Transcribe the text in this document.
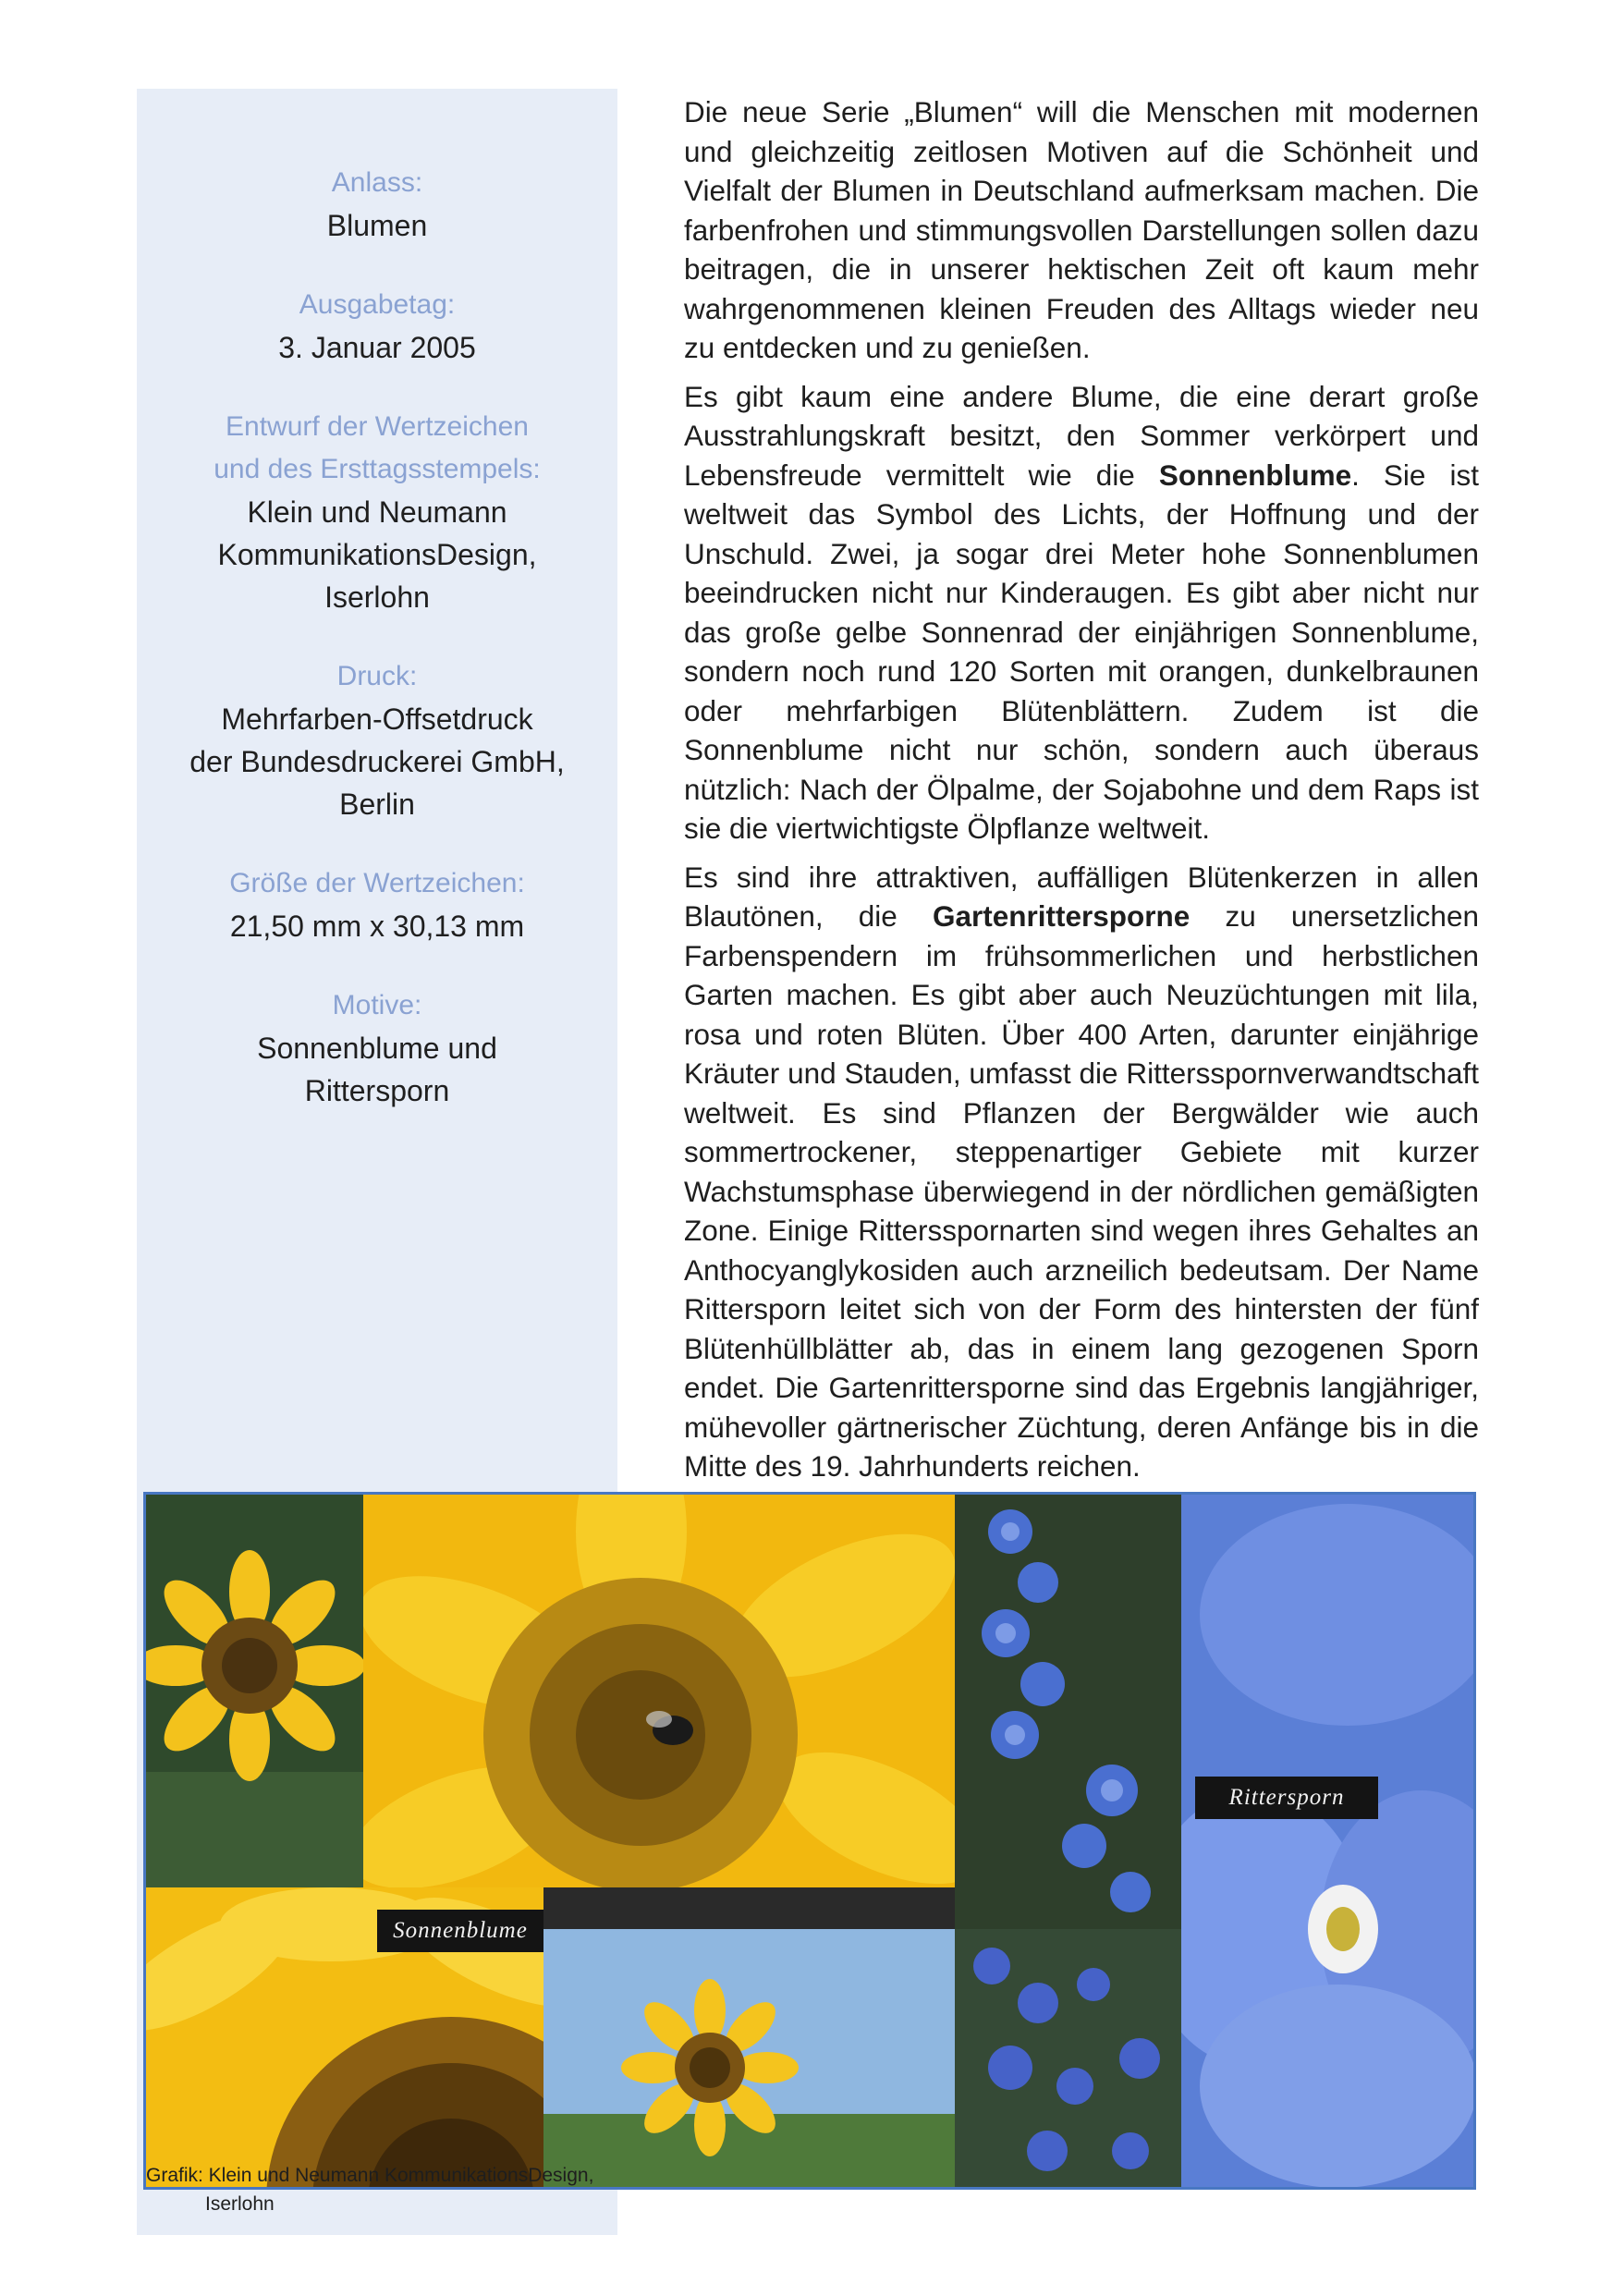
Anlass:
Blumen
Ausgabetag:
3. Januar 2005
Entwurf der Wertzeichen und des Ersttagsstempels:
Klein und Neumann
KommunikationsDesign,
Iserlohn
Druck:
Mehrfarben-Offsetdruck
der Bundesdruckerei GmbH,
Berlin
Größe der Wertzeichen:
21,50 mm x 30,13 mm
Motive:
Sonnenblume und
Rittersporn

Die neue Serie „Blumen“ will die Menschen mit modernen und gleichzeitig zeitlosen Motiven auf die Schönheit und Vielfalt der Blumen in Deutschland aufmerksam machen. Die farbenfrohen und stimmungsvollen Darstellungen sollen dazu beitragen, die in unserer hektischen Zeit oft kaum mehr wahrgenommenen kleinen Freuden des Alltags wieder neu zu entdecken und zu genießen.

Es gibt kaum eine andere Blume, die eine derart große Ausstrahlungskraft besitzt, den Sommer verkörpert und Lebensfreude vermittelt wie die Sonnenblume. Sie ist weltweit das Symbol des Lichts, der Hoffnung und der Unschuld. Zwei, ja sogar drei Meter hohe Sonnenblumen beeindrucken nicht nur Kinderaugen. Es gibt aber nicht nur das große gelbe Sonnenrad der einjährigen Sonnenblume, sondern noch rund 120 Sorten mit orangen, dunkelbraunen oder mehrfarbigen Blütenblättern. Zudem ist die Sonnenblume nicht nur schön, sondern auch überaus nützlich: Nach der Ölpalme, der Sojabohne und dem Raps ist sie die viertwichtigste Ölpflanze weltweit.

Es sind ihre attraktiven, auffälligen Blütenkerzen in allen Blautönen, die Gartenrittersporne zu unersetzlichen Farbenspendern im frühsommerlichen und herbstlichen Garten machen. Es gibt aber auch Neuzüchtungen mit lila, rosa und roten Blüten. Über 400 Arten, darunter einjährige Kräuter und Stauden, umfasst die Rittersspornverwandtschaft weltweit. Es sind Pflanzen der Bergwälder wie auch sommertrockener, steppenartiger Gebiete mit kurzer Wachstumsphase überwiegend in der nördlichen gemäßigten Zone. Einige Rittersspornarten sind wegen ihres Gehaltes an Anthocyanglykosiden auch arzneilich bedeutsam. Der Name Rittersporn leitet sich von der Form des hintersten der fünf Blütenhüllblätter ab, das in einem lang gezogenen Sporn endet. Die Gartenrittersporne sind das Ergebnis langjähriger, mühevoller gärtnerischer Züchtung, deren Anfänge bis in die Mitte des 19. Jahrhunderts reichen.

Sonnenblume
Rittersporn
Grafik: Klein und Neumann KommunikationsDesign,
Iserlohn
